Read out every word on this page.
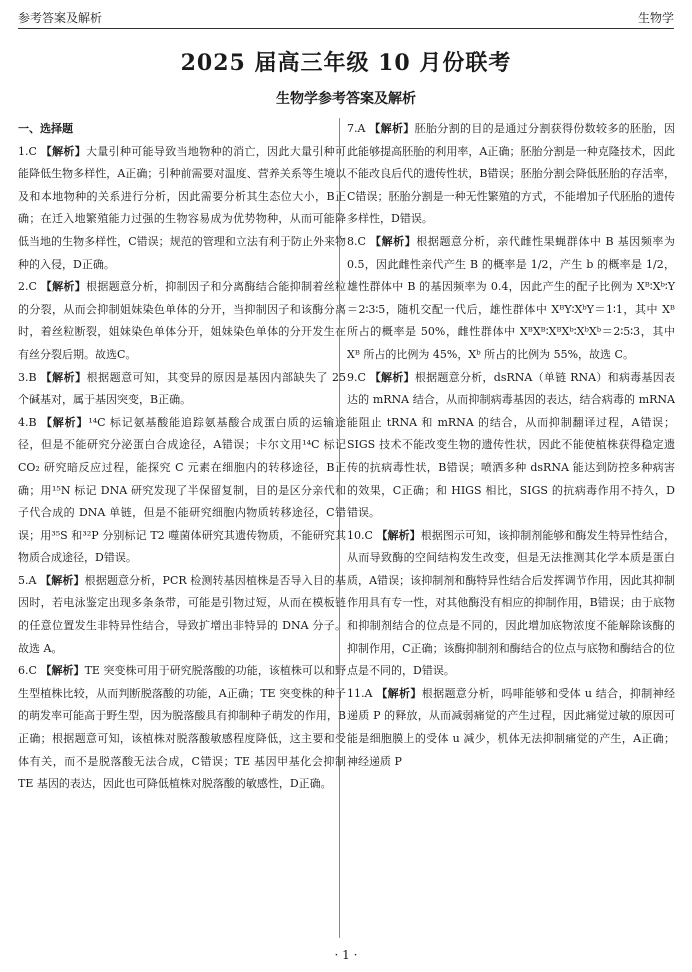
参考答案及解析	生物学
2025 届高三年级 10 月份联考
生物学参考答案及解析
一、选择题

1.C 【解析】大量引种可能导致当地物种的消亡，因此大量引种可能降低生物多样性，A正确；引种前需要对温度、营养关系等生境以及和本地物种的关系进行分析，因此需要分析其生态位大小，B正确；在迁入地繁殖能力过强的生物容易成为优势物种，从而可能降低当地的生物多样性，C错误；规范的管理和立法有利于防止外来物种的入侵，D正确。

2.C 【解析】根据题意分析，抑制因子和分离酶结合能抑制着丝粒的分裂，从而会抑制姐妹染色单体的分开，当抑制因子和该酶分离时，着丝粒断裂，姐妹染色单体分开，姐妹染色单体的分开发生在有丝分裂后期。故选C。

3.B 【解析】根据题意可知，其变异的原因是基因内部缺失了 25 个碱基对，属于基因突变，B正确。

4.B 【解析】¹⁴C 标记氨基酸能追踪氨基酸合成蛋白质的运输途径，但是不能研究分泌蛋白合成途径，A错误；卡尔文用¹⁴C 标记 CO₂ 研究暗反应过程，能探究 C 元素在细胞内的转移途径，B正确；用¹⁵N 标记 DNA 研究发现了半保留复制，目的是区分亲代和子代合成的 DNA 单链，但是不能研究细胞内物质转移途径，C错误；用³⁵S 和³²P 分别标记 T2 噬菌体研究其遗传物质，不能研究其物质合成途径，D错误。

5.A 【解析】根据题意分析，PCR 检测转基因植株是否导入目的基因时，若电泳鉴定出现多条条带，可能是引物过短，从而在模板链的任意位置发生非特异性结合，导致扩增出非特异的 DNA 分子。故选 A。

6.C 【解析】TE 突变株可用于研究脱落酸的功能，该植株可以和野生型植株比较，从而判断脱落酸的功能，A正确；TE 突变株的种子的萌发率可能高于野生型，因为脱落酸具有抑制种子萌发的作用，B正确；根据题意可知，该植株对脱落酸敏感程度降低，这主要和受体有关，而不是脱落酸无法合成，C错误；TE 基因甲基化会抑制 TE 基因的表达，因此也可降低植株对脱落酸的敏感性，D正确。

7.A 【解析】胚胎分割的目的是通过分割获得份数较多的胚胎，因此能够提高胚胎的利用率，A正确；胚胎分割是一种克隆技术，因此不能改良后代的遗传性状，B错误；胚胎分割会降低胚胎的存活率，C错误；胚胎分割是一种无性繁殖的方式，不能增加子代胚胎的遗传多样性，D错误。

8.C 【解析】根据题意分析，亲代雌性果蝇群体中 B 基因频率为 0.5，因此雌性亲代产生 B 的概率是 1/2，产生 b 的概率是 1/2，雄性群体中 B 的基因频率为 0.4，因此产生的配子比例为 Xᴮ∶Xᵇ∶Y＝2∶3∶5，随机交配一代后，雄性群体中 XᴮY∶XᵇY＝1∶1，其中 Xᴮ 所占的概率是 50%，雌性群体中 XᴮXᴮ∶XᴮXᵇ∶XᵇXᵇ＝2∶5∶3，其中 Xᴮ 所占的比例为 45%，Xᵇ 所占的比例为 55%，故选 C。

9.C 【解析】根据题意分析，dsRNA（单链 RNA）和病毒基因表达的 mRNA 结合，从而抑制病毒基因的表达，结合病毒的 mRNA 能阻止 tRNA 和 mRNA 的结合，从而抑制翻译过程，A错误；SIGS 技术不能改变生物的遗传性状，因此不能使植株获得稳定遗传的抗病毒性状，B错误；喷洒多种 dsRNA 能达到防控多种病害的效果，C正确；和 HIGS 相比，SIGS 的抗病毒作用不持久，D错误。

10.C 【解析】根据图示可知，该抑制剂能够和酶发生特异性结合，从而导致酶的空间结构发生改变，但是无法推测其化学本质是蛋白质，A错误；该抑制剂和酶特异性结合后发挥调节作用，因此其抑制作用具有专一性，对其他酶没有相应的抑制作用，B错误；由于底物和抑制剂结合的位点是不同的，因此增加底物浓度不能解除该酶的抑制作用，C正确；该酶抑制剂和酶结合的位点与底物和酶结合的位点是不同的，D错误。

11.A 【解析】根据题意分析，吗啡能够和受体 u 结合，抑制神经递质 P 的释放，从而减弱痛觉的产生过程，因此痛觉过敏的原因可能是细胞膜上的受体 u 减少，机体无法抑制痛觉的产生，A正确；神经递质 P

· 1 ·
